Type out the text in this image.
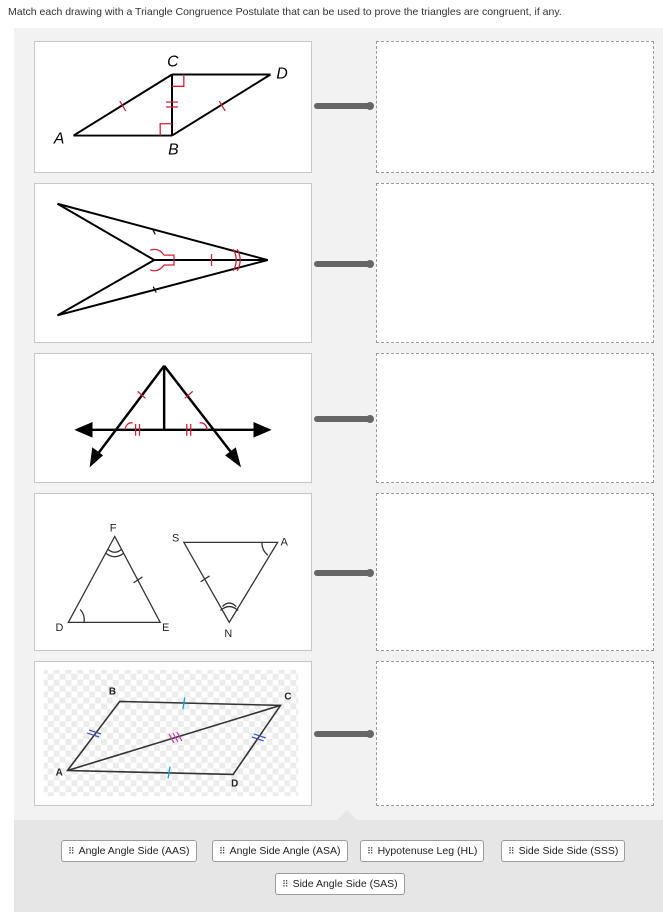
Match each drawing with a Triangle Congruence Postulate that can be used to prove the triangles are congruent, if any.
A
B
C
D
F
D	E
S	A
N
A
B	C
D
⠿ Angle Angle Side (AAS)	⠿ Angle Side Angle (ASA)	⠿ Hypotenuse Leg (HL)	⠿ Side Side Side (SSS)
⠿ Side Angle Side (SAS)
